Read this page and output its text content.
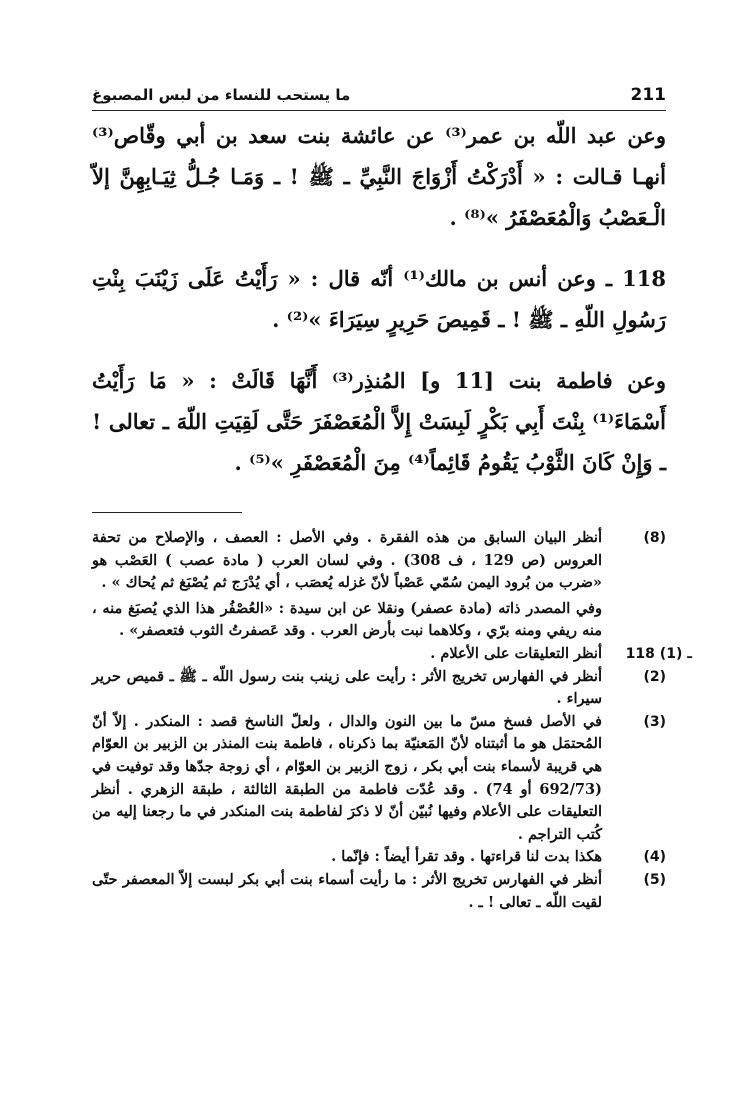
211
ما يستحب للنساء من لبس المصبوغ

وعن عبد اللّه بن عمر⁽³⁾ عن عائشة بنت سعد بن أبي وقّاص⁽³⁾ أنهـا قـالت : « أَدْرَكْتُ أَزْوَاجَ النَّبِيِّ ـ ﷺ ! ـ وَمَـا جُـلُّ ثِيَـابِهِنَّ إلاّ الْـعَصْبُ وَالْمُعَصْفَرُ »⁽⁸⁾ .

118 ـ وعن أنس بن مالك⁽¹⁾ أنّه قال : « رَأَيْتُ عَلَى زَيْنَبَ بِنْتِ رَسُولِ اللّهِ ـ ﷺ ! ـ قَمِيصَ حَرِيرٍ سِيَرَاءَ »⁽²⁾ .

وعن فاطمة بنت [11 و] المُنذِر⁽³⁾ أَنَّهَا قَالَتْ : « مَا رَأَيْتُ أَسْمَاءَ⁽¹⁾ بِنْتَ أَبِي بَكْرٍ لَبِسَتْ إِلاَّ الْمُعَصْفَرَ حَتَّى لَقِيَتِ اللّهَ ـ تعالى ! ـ وَإِنْ كَانَ الثَّوْبُ يَقُومُ قَائِماً⁽⁴⁾ مِنَ الْمُعَصْفَرِ »⁽⁵⁾ .

(8)
أنظر البيان السابق من هذه الفقرة . وفي الأصل : العصف ، والإصلاح من تحفة العروس (ص 129 ، ف 308) . وفي لسان العرب ( مادة عصب ) العَصْب هو «ضرب من بُرود اليمن سُمّي عَصْباً لأنّ غزله يُعصَب ، أي يُدْرَج ثم يُصْبَغ ثم يُحاك » .
وفي المصدر ذاته (مادة عصفر) ونقلا عن ابن سيدة : «العُصْفُر هذا الذي يُصبَغ منه ، منه ريفي ومنه برّي ، وكلاهما نبت بأرض العرب . وقد عَصفرتُ الثوب فتعصفر» .
118 ـ (1)
أنظر التعليقات على الأعلام .
(2)
أنظر في الفهارس تخريج الأثر : رأيت على زينب بنت رسول اللّه ـ ﷺ ـ قميص حرير سيراء .
(3)
في الأصل فسخ مسّ ما بين النون والدال ، ولعلّ الناسخ قصد : المنكدر . إلاّ أنّ المُحتمَل هو ما أثبتناه لأنّ المَعنيّة بما ذكرناه ، فاطمة بنت المنذر بن الزبير بن العوّام هي قريبة لأسماء بنت أبي بكر ، زوج الزبير بن العوّام ، أي زوجة جدّها وقد توفيت في (692/73 أو 74) . وقد عُدّت فاطمة من الطبقة الثالثة ، طبقة الزهري . أنظر التعليقات على الأعلام وفيها نُبيّن أنّ لا ذكرَ لفاطمة بنت المنكدر في ما رجعنا إليه من كُتب التراجم .
(4)
هكذا بدت لنا قراءتها . وقد تقرأ أيضاً : فإنّما .
(5)
أنظر في الفهارس تخريج الأثر : ما رأيت أسماء بنت أبي بكر لبست إلاّ المعصفر حتّى لقيت اللّه ـ تعالى ! ـ .
